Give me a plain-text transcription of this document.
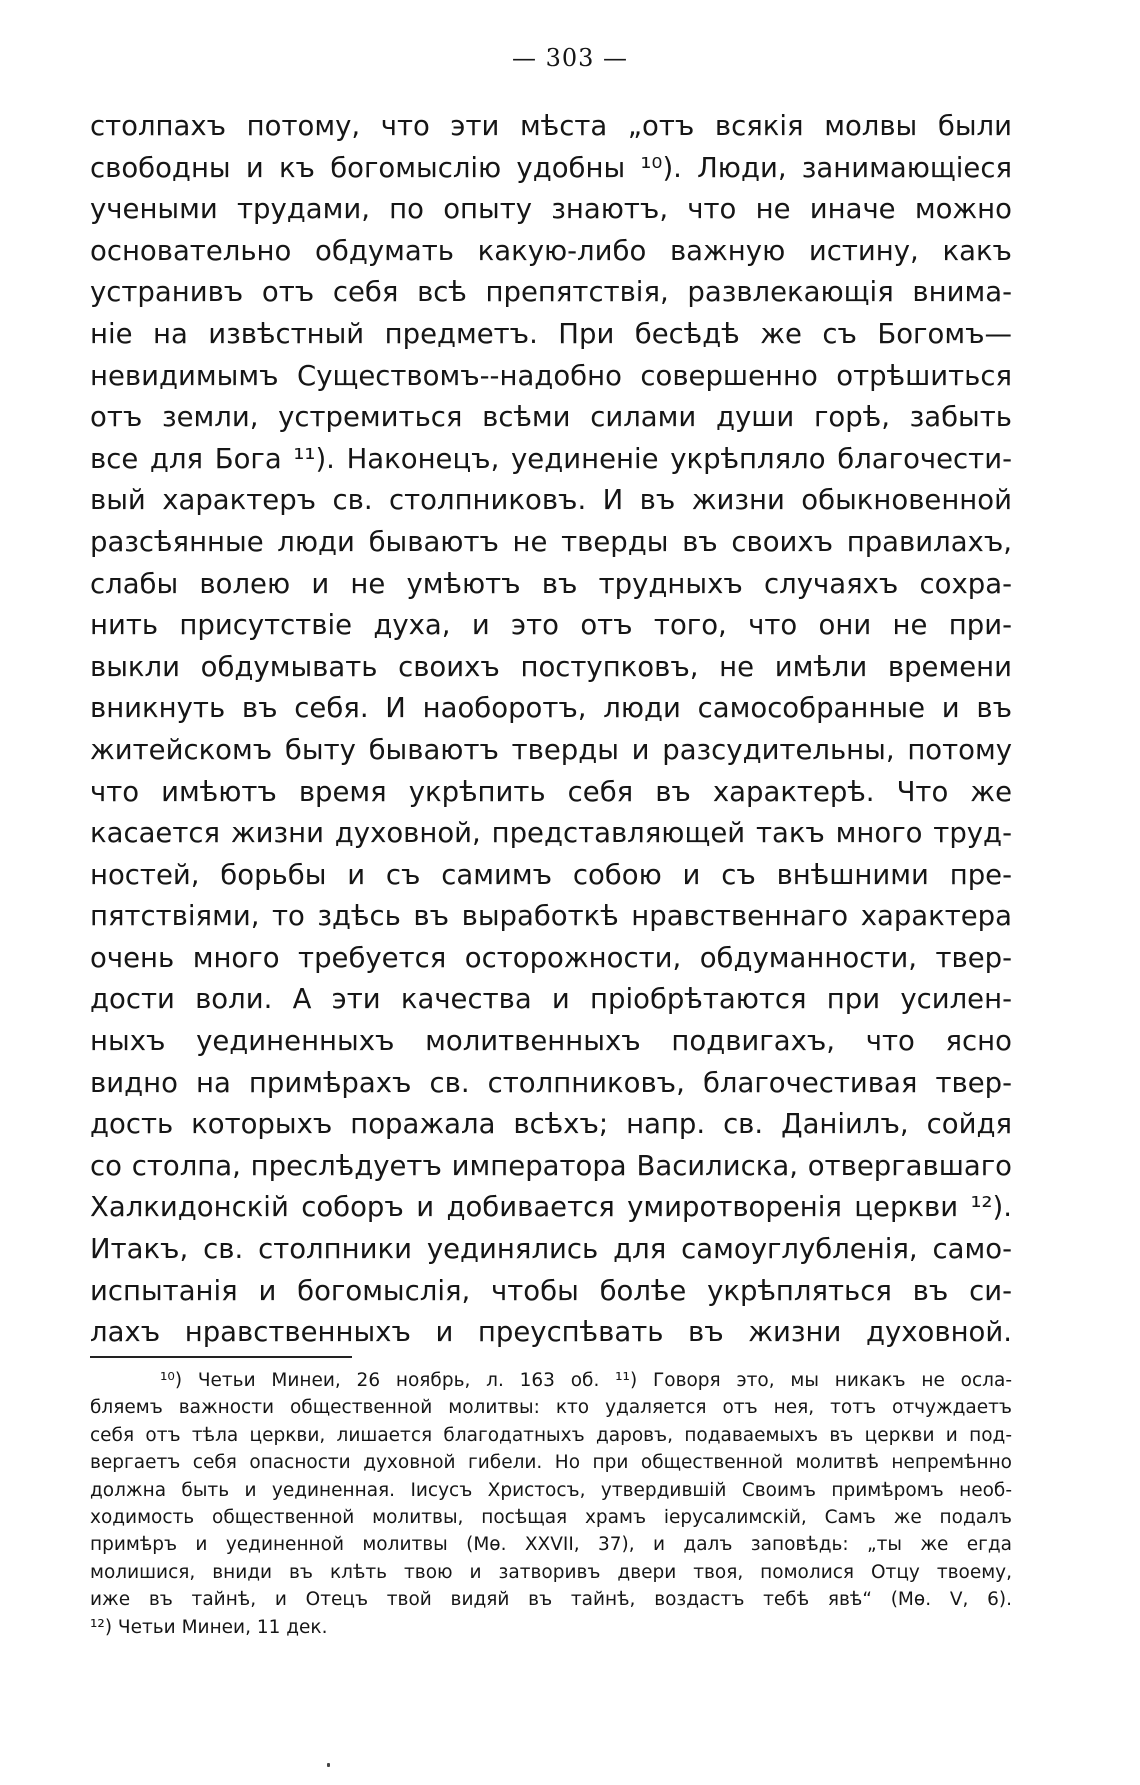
— 303 —
столпахъ потому, что эти мѣста „отъ всякія молвы были
свободны и къ богомыслію удобны ¹⁰). Люди, занимающіеся
учеными трудами, по опыту знаютъ, что не иначе можно
основательно обдумать какую-либо важную истину, какъ
устранивъ отъ себя всѣ препятствія, развлекающія внима-
ніе на извѣстный предметъ. При бесѣдѣ же съ Богомъ—
невидимымъ Существомъ--надобно совершенно отрѣшиться
отъ земли, устремиться всѣми силами души горѣ, забыть
все для Бога ¹¹). Наконецъ, уединеніе укрѣпляло благочести-
вый характеръ св. столпниковъ. И въ жизни обыкновенной
разсѣянные люди бываютъ не тверды въ своихъ правилахъ,
слабы волею и не умѣютъ въ трудныхъ случаяхъ сохра-
нить присутствіе духа, и это отъ того, что они не при-
выкли обдумывать своихъ поступковъ, не имѣли времени
вникнуть въ себя. И наоборотъ, люди самособранные и въ
житейскомъ быту бываютъ тверды и разсудительны, потому
что имѣютъ время укрѣпить себя въ характерѣ. Что же
касается жизни духовной, представляющей такъ много труд-
ностей, борьбы и съ самимъ собою и съ внѣшними пре-
пятствіями, то здѣсь въ выработкѣ нравственнаго характера
очень много требуется осторожности, обдуманности, твер-
дости воли. А эти качества и пріобрѣтаются при усилен-
ныхъ уединенныхъ молитвенныхъ подвигахъ, что ясно
видно на примѣрахъ св. столпниковъ, благочестивая твер-
дость которыхъ поражала всѣхъ; напр. св. Даніилъ, сойдя
со столпа, преслѣдуетъ императора Василиска, отвергавшаго
Халкидонскій соборъ и добивается умиротворенія церкви ¹²).
Итакъ, св. столпники уединялись для самоуглубленія, само-
испытанія и богомыслія, чтобы болѣе укрѣпляться въ си-
лахъ нравственныхъ и преуспѣвать въ жизни духовной.
¹⁰) Четьи Минеи, 26 ноябрь, л. 163 об. ¹¹) Говоря это, мы никакъ не осла-
бляемъ важности общественной молитвы: кто удаляется отъ нея, тотъ отчуждаетъ
себя отъ тѣла церкви, лишается благодатныхъ даровъ, подаваемыхъ въ церкви и под-
вергаетъ себя опасности духовной гибели. Но при общественной молитвѣ непремѣнно
должна быть и уединенная. Іисусъ Христосъ, утвердившій Своимъ примѣромъ необ-
ходимость общественной молитвы, посѣщая храмъ іерусалимскій, Самъ же подалъ
примѣръ и уединенной молитвы (Мѳ. XXVII, 37), и далъ заповѣдь: „ты же егда
молишися, вниди въ клѣть твою и затворивъ двери твоя, помолися Отцу твоему,
иже въ тайнѣ, и Отецъ твой видяй въ тайнѣ, воздастъ тебѣ явѣ“ (Мѳ. V, 6).
¹²) Четьи Минеи, 11 дек.
